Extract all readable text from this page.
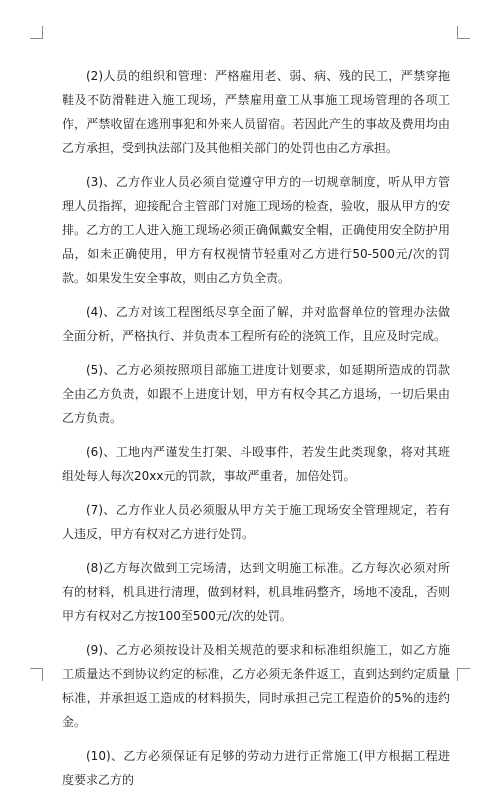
(2)人员的组织和管理：严格雇用老、弱、病、残的民工，严禁穿拖鞋及不防滑鞋进入施工现场，严禁雇用童工从事施工现场管理的各项工作，严禁收留在逃刑事犯和外来人员留宿。若因此产生的事故及费用均由乙方承担，受到执法部门及其他相关部门的处罚也由乙方承担。

(3)、乙方作业人员必须自觉遵守甲方的一切规章制度，听从甲方管理人员指挥，迎接配合主管部门对施工现场的检查，验收，服从甲方的安排。乙方的工人进入施工现场必须正确佩戴安全帽，正确使用安全防护用品，如未正确使用，甲方有权视情节轻重对乙方进行50-500元/次的罚款。如果发生安全事故，则由乙方负全责。

(4)、乙方对该工程图纸尽享全面了解，并对监督单位的管理办法做全面分析，严格执行、并负责本工程所有砼的浇筑工作，且应及时完成。

(5)、乙方必须按照项目部施工进度计划要求，如延期所造成的罚款全由乙方负责，如跟不上进度计划，甲方有权令其乙方退场，一切后果由乙方负责。

(6)、工地内严谨发生打架、斗殴事件，若发生此类现象，将对其班组处每人每次20xx元的罚款，事故严重者，加倍处罚。

(7)、乙方作业人员必须服从甲方关于施工现场安全管理规定，若有人违反，甲方有权对乙方进行处罚。

(8)乙方每次做到工完场清，达到文明施工标准。乙方每次必须对所有的材料，机具进行清理，做到材料，机具堆码整齐，场地不凌乱，否则甲方有权对乙方按100至500元/次的处罚。

(9)、乙方必须按设计及相关规范的要求和标准组织施工，如乙方施工质量达不到协议约定的标准，乙方必须无条件返工，直到达到约定质量标准，并承担返工造成的材料损失，同时承担己完工程造价的5%的违约金。

(10)、乙方必须保证有足够的劳动力进行正常施工(甲方根据工程进度要求乙方的
